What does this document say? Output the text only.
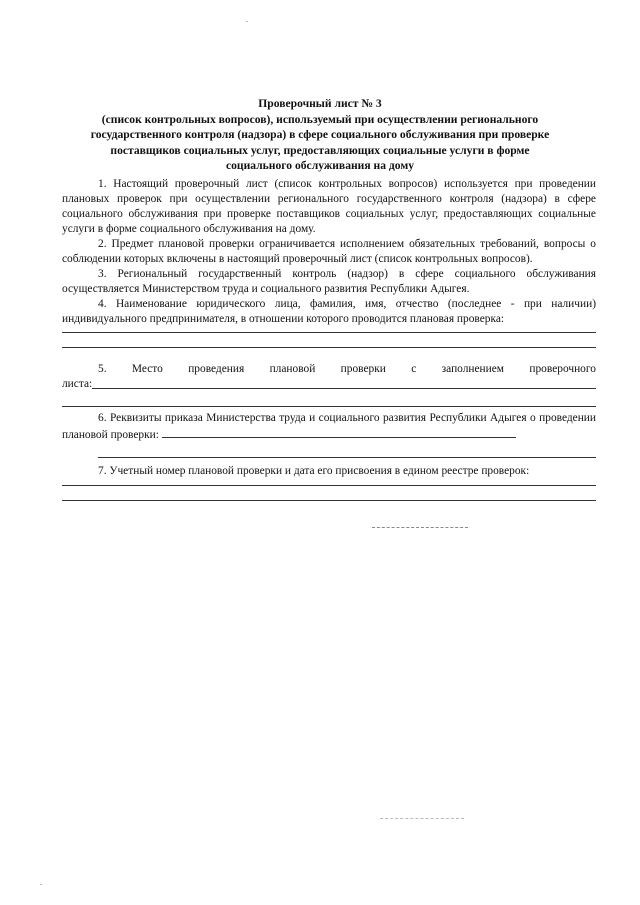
Проверочный лист № 3
(список контрольных вопросов), используемый при осуществлении регионального
государственного контроля (надзора) в сфере социального обслуживания при проверке
поставщиков социальных услуг, предоставляющих социальные услуги в форме
социального обслуживания на дому

1. Настоящий проверочный лист (список контрольных вопросов) используется при проведении плановых проверок при осуществлении регионального государственного контроля (надзора) в сфере социального обслуживания при проверке поставщиков социальных услуг, предоставляющих социальные услуги в форме социального обслуживания на дому.

2. Предмет плановой проверки ограничивается исполнением обязательных требований, вопросы о соблюдении которых включены в настоящий проверочный лист (список контрольных вопросов).

3. Региональный государственный контроль (надзор) в сфере социального обслуживания осуществляется Министерством труда и социального развития Республики Адыгея.

4. Наименование юридического лица, фамилия, имя, отчество (последнее - при наличии) индивидуального предпринимателя, в отношении которого проводится плановая проверка:

5. Место проведения плановой проверки с заполнением проверочного
листа:

6. Реквизиты приказа Министерства труда и социального развития Республики Адыгея о проведении плановой проверки:

7. Учетный номер плановой проверки и дата его присвоения в едином реестре проверок:
